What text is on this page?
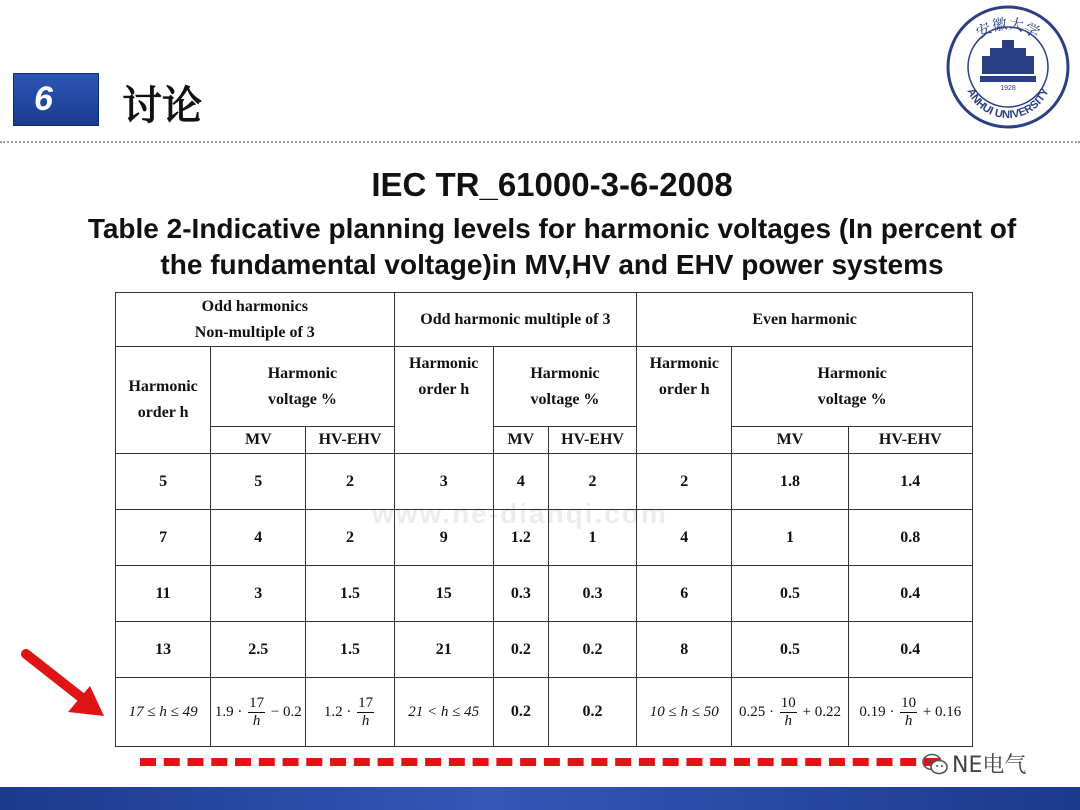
6 讨论	1928
ANHUI UNIVERSITY
安徽大学
IEC TR_61000-3-6-2008
Table 2-Indicative planning levels for harmonic voltages (In percent of
the fundamental voltage)in MV,HV and EHV power systems
www.ne-dianqi.com
Odd harmonics
Non-multiple of 3			Odd harmonic multiple of 3			Even harmonic		
Harmonic order h	Harmonic voltage %		Harmonic order h	Harmonic voltage %		Harmonic order h	Harmonic voltage %	
	MV	HV-EHV		MV	HV-EHV		MV	HV-EHV
5	5	2	3	4	2	2	1.8	1.4
7	4	2	9	1.2	1	4	1	0.8
11	3	1.5	15	0.3	0.3	6	0.5	0.4
13	2.5	1.5	21	0.2	0.2	8	0.5	0.4
17 ≤ h ≤ 49	$1.9 \cdot \frac{17}{h} - 0.2$	$1.2 \cdot \frac{17}{h}$	21 < h ≤ 45	0.2	0.2	10 ≤ h ≤ 50	$0.25 \cdot \frac{10}{h} + 0.22$	$0.19 \cdot \frac{10}{h} + 0.16$
NE电气
